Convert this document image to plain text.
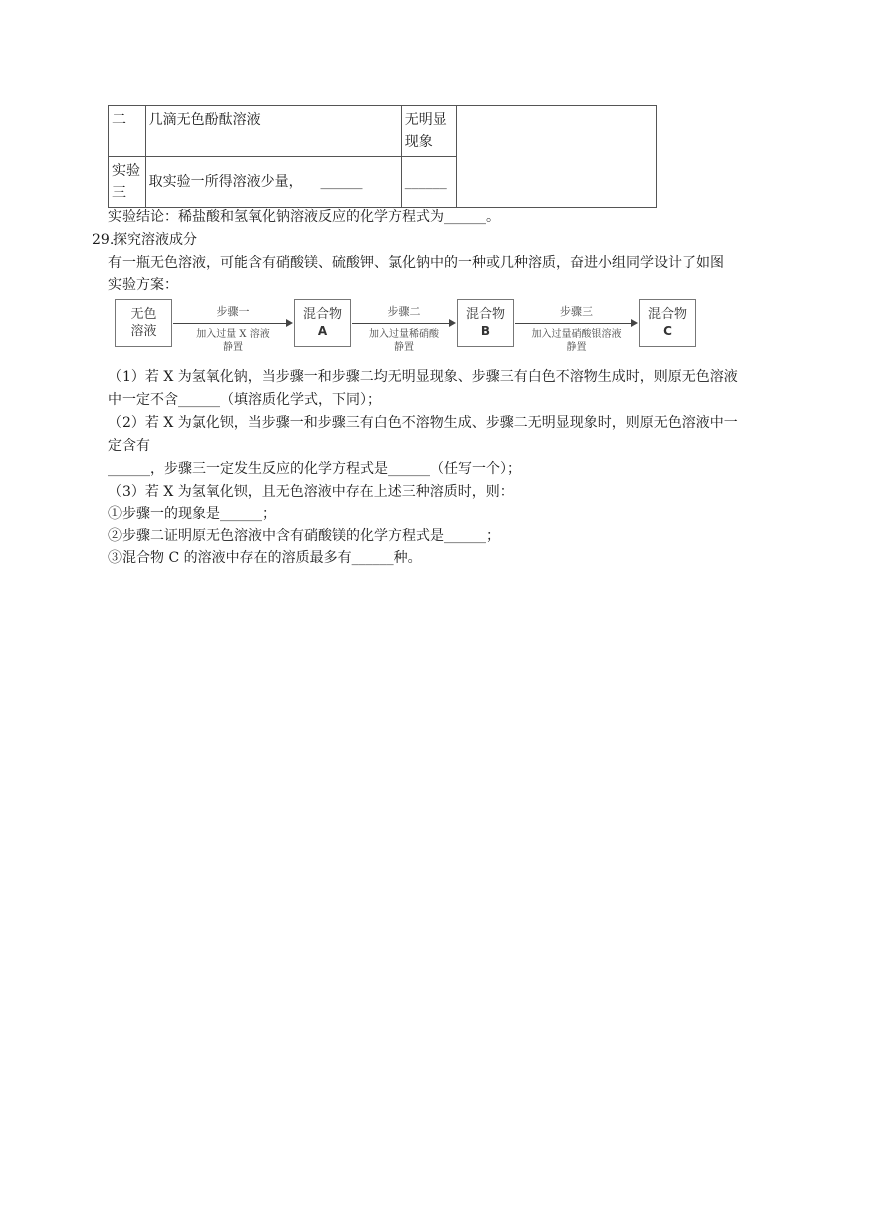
二	几滴无色酚酞溶液	无明显现象	
实验三	取实验一所得溶液少量， ______	______	
实验结论：稀盐酸和氢氧化钠溶液反应的化学方程式为______。
29.
探究溶液成分
有一瓶无色溶液，可能含有硝酸镁、硫酸钾、氯化钠中的一种或几种溶质，奋进小组同学设计了如图
实验方案：
无色
溶液
步骤一
加入过量 X 溶液
静置
混合物
A
步骤二
加入过量稀硝酸
静置
混合物
B
步骤三
加入过量硝酸银溶液
静置
混合物
C
（1）若 X 为氢氧化钠，当步骤一和步骤二均无明显现象、步骤三有白色不溶物生成时，则原无色溶液
中一定不含______（填溶质化学式，下同）；
（2）若 X 为氯化钡，当步骤一和步骤三有白色不溶物生成、步骤二无明显现象时，则原无色溶液中一
定含有
______，步骤三一定发生反应的化学方程式是______（任写一个）；
（3）若 X 为氢氧化钡，且无色溶液中存在上述三种溶质时，则：
①步骤一的现象是______；
②步骤二证明原无色溶液中含有硝酸镁的化学方程式是______；
③混合物 C 的溶液中存在的溶质最多有______种。
